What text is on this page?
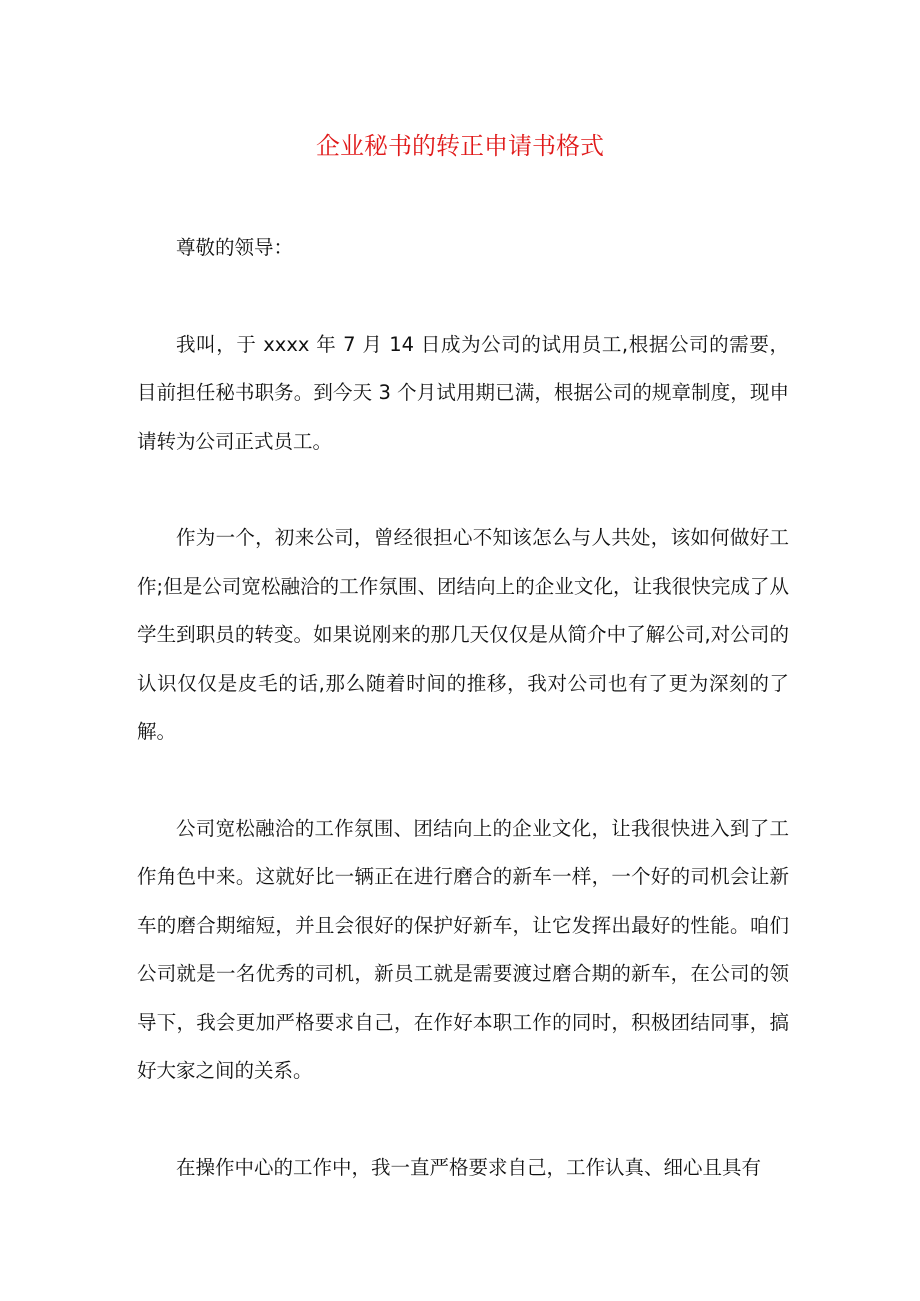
企业秘书的转正申请书格式

尊敬的领导：

我叫，于 xxxx 年 7 月 14 日成为公司的试用员工,根据公司的需要，目前担任秘书职务。到今天 3 个月试用期已满，根据公司的规章制度，现申请转为公司正式员工。

作为一个，初来公司，曾经很担心不知该怎么与人共处，该如何做好工作;但是公司宽松融洽的工作氛围、团结向上的企业文化，让我很快完成了从学生到职员的转变。如果说刚来的那几天仅仅是从简介中了解公司,对公司的认识仅仅是皮毛的话,那么随着时间的推移，我对公司也有了更为深刻的了解。

公司宽松融洽的工作氛围、团结向上的企业文化，让我很快进入到了工作角色中来。这就好比一辆正在进行磨合的新车一样，一个好的司机会让新车的磨合期缩短，并且会很好的保护好新车，让它发挥出最好的性能。咱们公司就是一名优秀的司机，新员工就是需要渡过磨合期的新车，在公司的领导下，我会更加严格要求自己，在作好本职工作的同时，积极团结同事，搞好大家之间的关系。

在操作中心的工作中，我一直严格要求自己，工作认真、细心且具有
